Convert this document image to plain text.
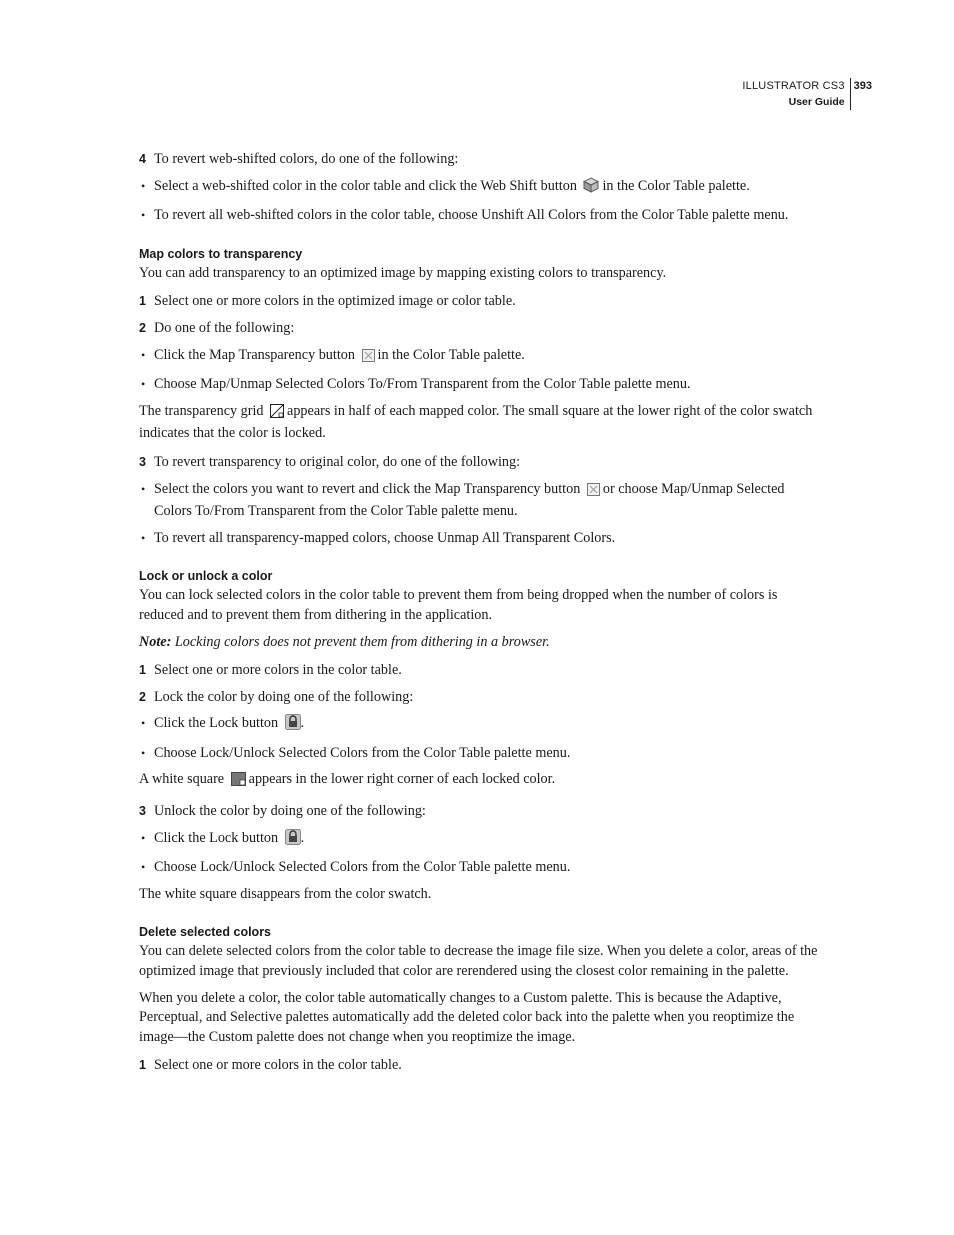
ILLUSTRATOR CS3
User Guide
393

4 To revert web-shifted colors, do one of the following:

• Select a web-shifted color in the color table and click the Web Shift button in the Color Table palette.

• To revert all web-shifted colors in the color table, choose Unshift All Colors from the Color Table palette menu.

Map colors to transparency

You can add transparency to an optimized image by mapping existing colors to transparency.

1 Select one or more colors in the optimized image or color table.

2 Do one of the following:

• Click the Map Transparency button in the Color Table palette.

• Choose Map/Unmap Selected Colors To/From Transparent from the Color Table palette menu.

The transparency grid appears in half of each mapped color. The small square at the lower right of the color swatch indicates that the color is locked.

3 To revert transparency to original color, do one of the following:

• Select the colors you want to revert and click the Map Transparency button or choose Map/Unmap Selected Colors To/From Transparent from the Color Table palette menu.

• To revert all transparency-mapped colors, choose Unmap All Transparent Colors.

Lock or unlock a color

You can lock selected colors in the color table to prevent them from being dropped when the number of colors is reduced and to prevent them from dithering in the application.

Note: Locking colors does not prevent them from dithering in a browser.

1 Select one or more colors in the color table.

2 Lock the color by doing one of the following:

• Click the Lock button .

• Choose Lock/Unlock Selected Colors from the Color Table palette menu.

A white square appears in the lower right corner of each locked color.

3 Unlock the color by doing one of the following:

• Click the Lock button .

• Choose Lock/Unlock Selected Colors from the Color Table palette menu.

The white square disappears from the color swatch.

Delete selected colors

You can delete selected colors from the color table to decrease the image file size. When you delete a color, areas of the optimized image that previously included that color are rerendered using the closest color remaining in the palette.

When you delete a color, the color table automatically changes to a Custom palette. This is because the Adaptive, Perceptual, and Selective palettes automatically add the deleted color back into the palette when you reoptimize the image—the Custom palette does not change when you reoptimize the image.

1 Select one or more colors in the color table.
